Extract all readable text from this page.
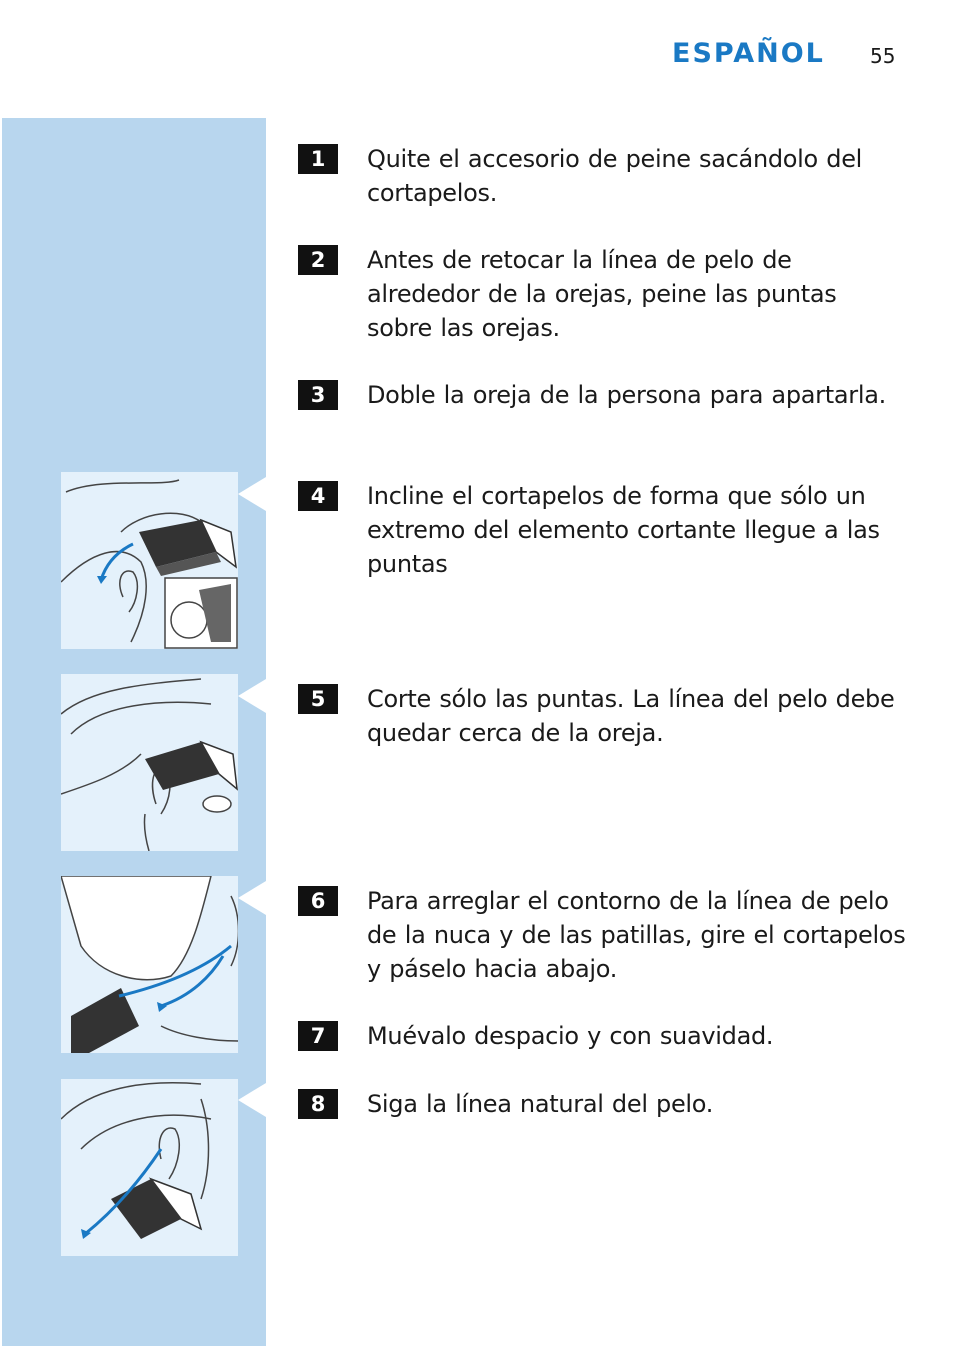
ESPAÑOL 55
1	Quite el accesorio de peine sacándolo del cortapelos.
2	Antes de retocar la línea de pelo de alrededor de la orejas, peine las puntas sobre las orejas.
3	Doble la oreja de la persona para apartarla.
4	Incline el cortapelos de forma que sólo un extremo del elemento cortante llegue a las puntas
5	Corte sólo las puntas. La línea del pelo debe quedar cerca de la oreja.
6	Para arreglar el contorno de la línea de pelo de la nuca y de las patillas, gire el cortapelos y páselo hacia abajo.
7	Muévalo despacio y con suavidad.
8	Siga la línea natural del pelo.
